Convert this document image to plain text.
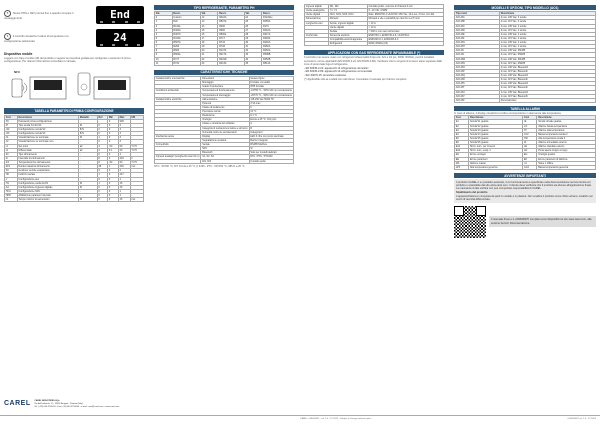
5 Tenere PRG e SET premuti fino a quando compare il messaggio End	End
6 Il controllo visualizza il valore di temperatura o la configurazione selezionata	24
Dispositivo mobile
Leggere con l'app il codice QR del prodotto e seguire la procedura guidata per configurare i parametri di prima configurazione. Per ulteriori informazioni consultare il manuale.
NFC
TABELLA PARAMETRI DI PRIMA CONFIGURAZIONE
Cod.	Descrizione	Modello	Def	Min	Max	UM
PA	Password prima configurazione	-	-	0	999	-
/P	Tipo sonda S1-S2-S3	M	0	0	2	-
/A2	Configurazione sonda S2	B,N	2	0	3	-
/A3	Configurazione sonda S3	B,N	0	0	3	-
/t1	Visualizzazione su terminale	M	1	0	3	-
/t2	Visualizzazione su terminale rem.	-	0	0	3	-
r1	Set point	all	4	-50	50	°C/°F
rd	Differenziale	all	2	0.1	20	°C/°F
d0	Tipo sbrinamento	-	0	0	4	-
dI	Intervallo tra sbrinamenti	-	8	0	240	h
dt1	Temperatura fine sbrinamento	-	8	-50	50	°C/°F
dP1	Durata massima sbrinamento	-	45	1	240	min
F0	Gestione ventole evaporatore	-	0	0	2	-
H0	Indirizzo seriale	-	1	0	247	-
rr	Configurazione aux	-	0	0	1	-
H1	Configurazione uscita AUX1	M	1	0	15	-
A4	Configurazione ingresso digitale	M	0	0	15	-
HO1	Configurazione NFC	-	0	0	1	-
HPR	Abilitazione parametri riservati	-	0	0	1	-
c1	Tempo minimo tra accensioni	M	0	0	15	min
CAREL CAREL INDUSTRIES HQs
Via dell'Industria, 11 - 35020 Brugine - Padova (Italy)
Tel. (+39) 049.9716611 - Fax (+39) 049.9716600 - e-mail: carel@carel.com - www.carel.com
TIPO REFRIGERANTE, PARAMETRO PH
Val.	Descr.	Val.	Descr.	Val.	Descr.
0	Custom	12	R410A	24	R1234ze
1	R22	13	R507A	25	R455A
2	R134a	14	R290	26	R170
3	R404A	15	R600	27	R442A
4	R407C	16	R600a	28	R447A
5	R410A	17	R717	29	R448A
6	R507A	18	R744	30	R449A
7	R290	19	R728	31	R450A
8	R600	20	R1270	32	R452A
9	R600a	21	R417A	33	R508B
10	R717	22	R422D	34	R452B
11	R744	23	R413A	35	R513A
CARATTERISTICHE TECNICHE
Caratteristiche meccaniche	Dimensioni	Vedere figure
	Montaggio	Frontale con staffe
	Grado di protezione	IP65 frontale
Condizioni ambientali	Temperatura di funzionamento	-10T55 °C, <90% UR non condensante
	Temperatura di stoccaggio	-20T70 °C, <90% UR non condensante
Caratteristiche elettriche	Alimentazione	115-230 Vac 50/60 Hz
	Potenza	3 VA max
	Classe di isolamento	II
	Precisione sonde	±1 °C
	Risoluzione	0,1 °C
	Orologio	Errore a 25 °C: ±10 ppm
	Classe e struttura del software	A
	Categoria di resistenza al calore e al fuoco	D
	Immunità contro le sovratensioni	Categoria II
Interfaccia utente	Display	LED 3 cifre con punto decimale
	Segnalazione acustica	Buzzer integrato
Connettività	Seriale	RS485 Modbus
	NFC	Sì
	Bluetooth	Solo per modelli dedicati
Ingressi analogici (Lunghezza max 10 m)	S1, S2, S3	NTC / PTC / PT1000
	DI1, DI2	Contatto pulito
NTC: -50T90 °C; R/T 10 kΩ a 25 °C; β 3435 - PTC: -50T150 °C; 985 Ω a 25 °C
Ingressi digitali	DI1, DI2	Contatto pulito, corrente di chiusura 6 mA
Uscite analogiche	Y1, Y2	0...10 Vdc / PWM
Uscite digitali	NO1, NO2, NO3, NO4	Relè: EN60730-1 UL60730: 250 Vac, 10 A res, 2 FLA, 12 LRA
Alimentazione	Morsetti	Morsetti a vite o estraibili per cavi fino a 2,5 mm²
Lunghezza cavi	Sonde, ingressi digitali	< 10 m
	Uscite digitali	< 10 m
	Seriale	< 500 m con cavo schermato
Conformità	Sicurezza elettrica	EN60730-1, EN60730-2-9, UL60730-1
	Compatibilità elettromagnetica	EN61000-6-1, EN61000-6-3
	Refrigeranti	R290, R600a (A3)
APPLICAZIONI CON GAS REFRIGERANTE INFIAMMABILE (*)
Il controllo può essere usato con refrigeranti infiammabili di tipo A2, A2L e A3 (es. R290, R600a), purché installato secondo le norme applicabili (EN 60335-2-24, EN 60335-2-89). Verificare che le sorgenti di innesco siano separate dalle zone di potenziale fuga di refrigerante.
- EN 60335-2-24: apparecchi di refrigerazione domestici
- EN 60335-2-89: apparecchi di refrigerazione commerciale
- IEC 60079-15: atmosfere esplosive
(*) Applicabile solo ai modelli con relè idonei. Consultare il manuale per l'elenco completo.
MODELLI E OPZIONI, TIPO MODELLO (AO1)
Tipo mod.	Descrizione
AO1-BA	4 relè, 230 Vac, 3 sonde
AO1-BB	4 relè, 115 Vac, 3 sonde
AO1-BC	3 relè, 230 Vac, 2 sonde
AO1-BD	3 relè, 115 Vac, 2 sonde
AO1-BE	2 relè, 230 Vac, 2 sonde
AO1-BF	2 relè, 115 Vac, 2 sonde
AO1-BG	1 relè, 230 Vac, 2 sonde
AO1-BH	1 relè, 115 Vac, 2 sonde
AO1-BI	4 relè, 230 Vac, RS485
AO1-BL	4 relè, 115 Vac, RS485
AO1-BM	3 relè, 230 Vac, RS485
AO1-BN	3 relè, 115 Vac, RS485
AO1-BO	4 relè, 230 Vac, Bluetooth
AO1-BP	4 relè, 115 Vac, Bluetooth
AO1-BQ	3 relè, 230 Vac, Bluetooth
AO1-BR	3 relè, 115 Vac, Bluetooth
AO1-BS	2 relè, 230 Vac, Bluetooth
AO1-BT	2 relè, 115 Vac, Bluetooth
AO1-BU	1 relè, 230 Vac, Bluetooth
AO1-BV	1 relè, 115 Vac, Bluetooth
AO1-BZ	Personalizzato
TABELLA ALLARMI
In caso di allarme, il display visualizza il codice corrispondente in alternanza alla temperatura.
Cod.	Descrizione	Cod.	Descrizione
E1	Sonda S1 guasta	rE	Sonda virtuale guasta
E2	Sonda S2 guasta	LO	Allarme bassa temperatura
E3	Sonda S3 guasta	HI	Allarme alta temperatura
E4	Sonda S4 guasta	LO2	Bassa temperatura sonda 2
E5	Sonda S5 guasta	HI2	Alta temperatura sonda 2
E6	Sonda S6 guasta	IA	Allarme immediato esterno
Ed1	Sbrin. term. per timeout	dA	Allarme ritardato esterno
Ed2	Sbrin. term. evap. 2	dor	Porta aperta troppo a lungo
Etc	Errore orologio	Etc	Orologio guasto
EE	Errore parametri	EF	Errore parametri di fabbrica
MA	Allarme master	u1	Slave 1 offline
GHI	Alta temperatura generica	GLO	Bassa temperatura generica
AVVERTENZE IMPORTANTI
Il prodotto CAREL è un prodotto avanzato, il cui funzionamento è specificato nella documentazione tecnica fornita col prodotto o scaricabile dal sito www.carel.com. Il cliente deve verificare che il prodotto sia idoneo all'applicazione finale. La mancanza di tale verifica non può comportare responsabilità di CAREL.
Smaltimento del prodotto
L'apparecchiatura è composta da parti in metallo e in plastica. Non smaltire il prodotto come rifiuto urbano; smaltirlo nei centri di raccolta differenziata.
Il manuale d'uso e il +0300090ITI completo sono disponibili nel sito www.carel.com, alla sezione Servizi: Documentazione.
CAREL +0300090IT - rel. 1.0 - 12.2023 - Subject to change without notice	+0300090IT rel. 1.0 - 12.2023
